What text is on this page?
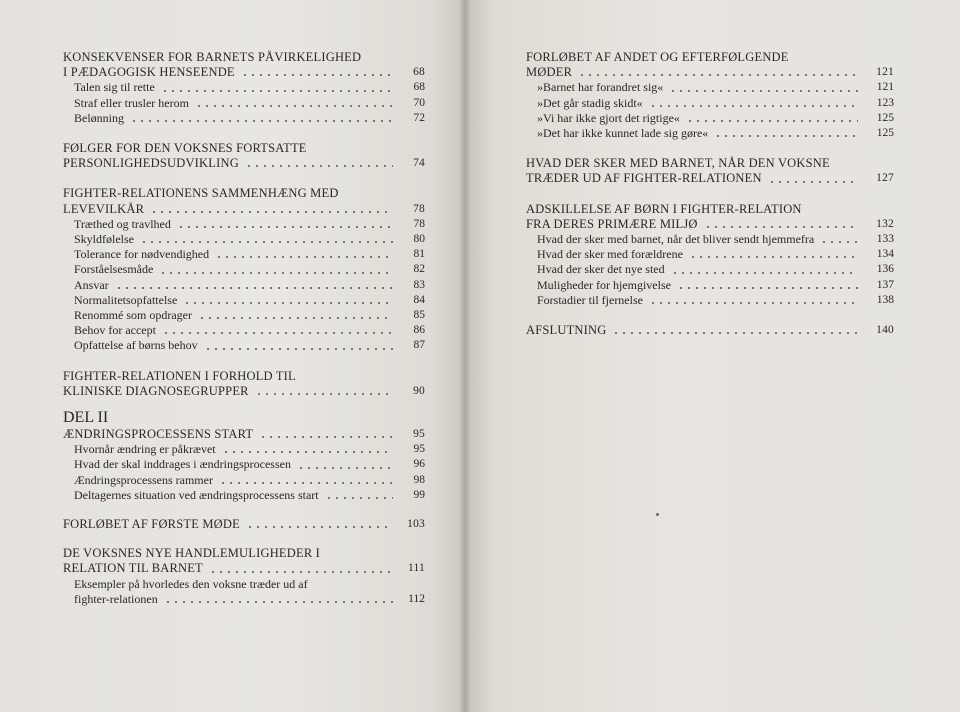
KONSEKVENSER FOR BARNETS PÅVIRKELIGHED
I PÆDAGOGISK HENSEENDE	68
Talen sig til rette	68
Straf eller trusler herom	70
Belønning	72
FØLGER FOR DEN VOKSNES FORTSATTE
PERSONLIGHEDSUDVIKLING	74
FIGHTER-RELATIONENS SAMMENHÆNG MED
LEVEVILKÅR	78
Træthed og travlhed	78
Skyldfølelse	80
Tolerance for nødvendighed	81
Forståelsesmåde	82
Ansvar	83
Normalitetsopfattelse	84
Renommé som opdrager	85
Behov for accept	86
Opfattelse af børns behov	87
FIGHTER-RELATIONEN I FORHOLD TIL
KLINISKE DIAGNOSEGRUPPER	90
DEL II
ÆNDRINGSPROCESSENS START	95
Hvornår ændring er påkrævet	95
Hvad der skal inddrages i ændringsprocessen	96
Ændringsprocessens rammer	98
Deltagernes situation ved ændringsprocessens start	99
FORLØBET AF FØRSTE MØDE	103
DE VOKSNES NYE HANDLEMULIGHEDER I
RELATION TIL BARNET	111
Eksempler på hvorledes den voksne træder ud af
fighter-relationen	112
FORLØBET AF ANDET OG EFTERFØLGENDE
MØDER	121
»Barnet har forandret sig«	121
»Det går stadig skidt«	123
»Vi har ikke gjort det rigtige«	125
»Det har ikke kunnet lade sig gøre«	125
HVAD DER SKER MED BARNET, NÅR DEN VOKSNE
TRÆDER UD AF FIGHTER-RELATIONEN	127
ADSKILLELSE AF BØRN I FIGHTER-RELATION
FRA DERES PRIMÆRE MILJØ	132
Hvad der sker med barnet, når det bliver sendt hjemmefra	133
Hvad der sker med forældrene	134
Hvad der sker det nye sted	136
Muligheder for hjemgivelse	137
Forstadier til fjernelse	138
AFSLUTNING	140
